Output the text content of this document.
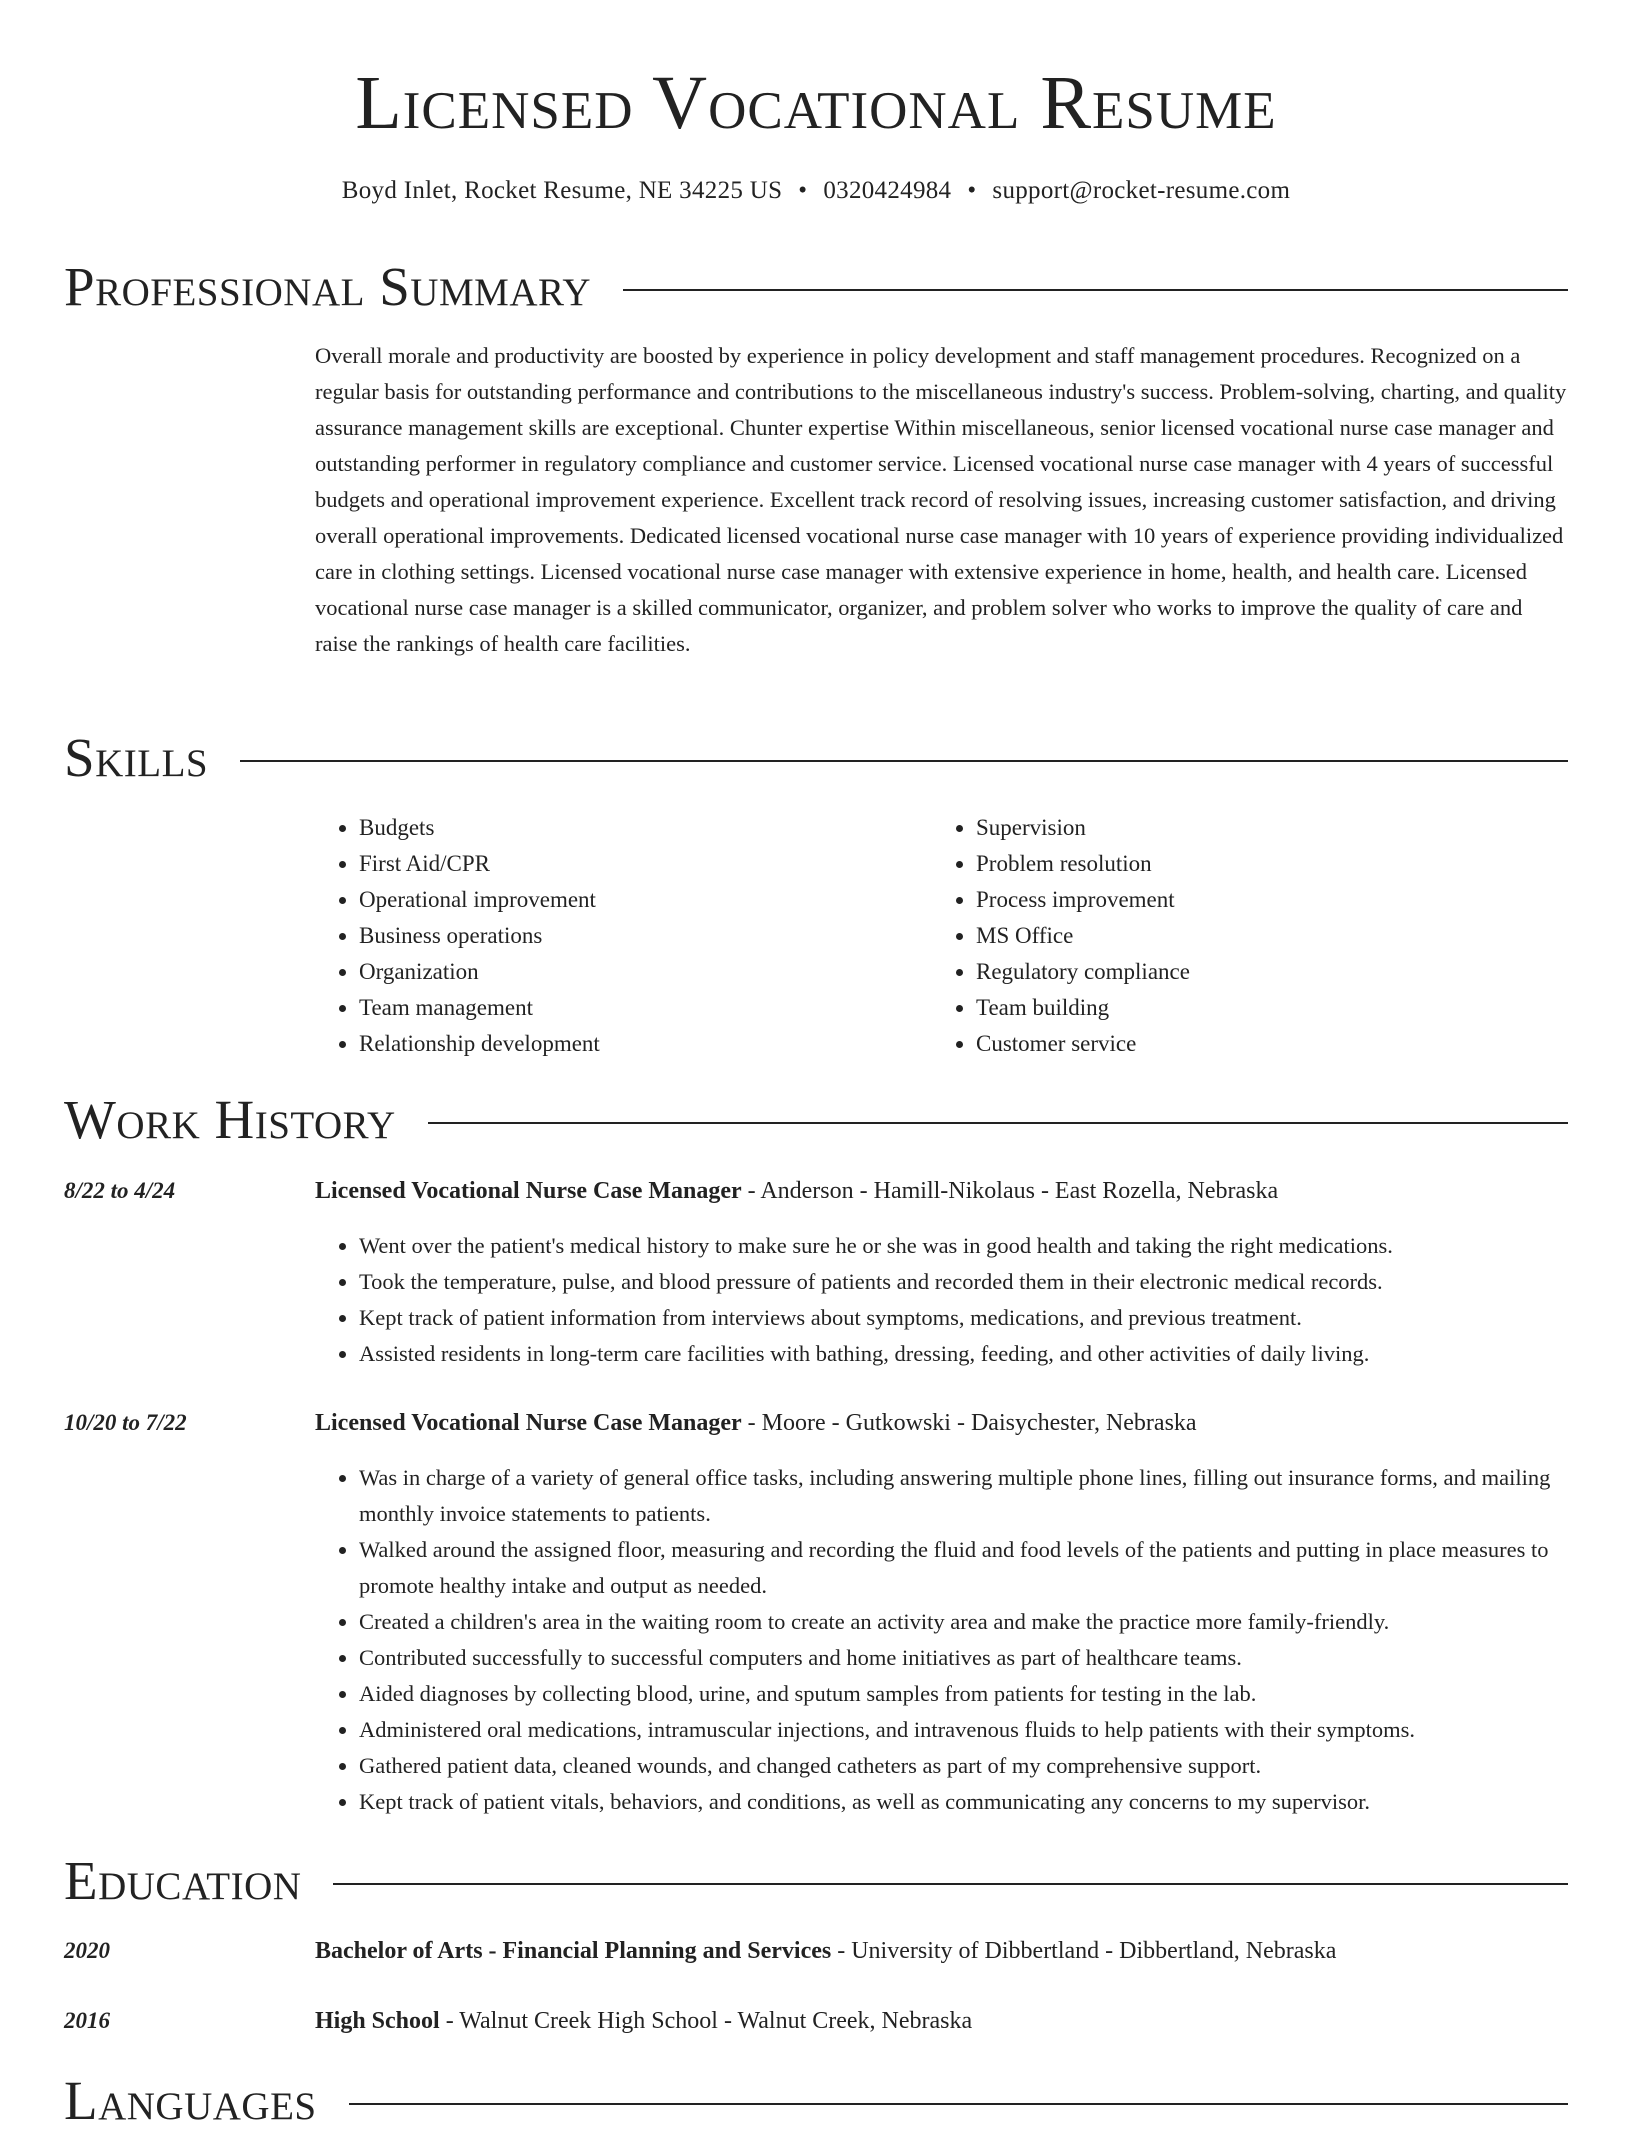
Licensed Vocational Resume
Boyd Inlet, Rocket Resume, NE 34225 US • 0320424984 • support@rocket-resume.com
Professional Summary

Overall morale and productivity are boosted by experience in policy development and staff management procedures. Recognized on a regular basis for outstanding performance and contributions to the miscellaneous industry's success. Problem-solving, charting, and quality assurance management skills are exceptional. Chunter expertise Within miscellaneous, senior licensed vocational nurse case manager and outstanding performer in regulatory compliance and customer service. Licensed vocational nurse case manager with 4 years of successful budgets and operational improvement experience. Excellent track record of resolving issues, increasing customer satisfaction, and driving overall operational improvements. Dedicated licensed vocational nurse case manager with 10 years of experience providing individualized care in clothing settings. Licensed vocational nurse case manager with extensive experience in home, health, and health care. Licensed vocational nurse case manager is a skilled communicator, organizer, and problem solver who works to improve the quality of care and raise the rankings of health care facilities.

Skills
• Budgets
• First Aid/CPR
• Operational improvement
• Business operations
• Organization
• Team management
• Relationship development
• Supervision
• Problem resolution
• Process improvement
• MS Office
• Regulatory compliance
• Team building
• Customer service
Work History
8/22 to 4/24	Licensed Vocational Nurse Case Manager - Anderson - Hamill-Nikolaus - East Rozella, Nebraska
• Went over the patient's medical history to make sure he or she was in good health and taking the right medications.
• Took the temperature, pulse, and blood pressure of patients and recorded them in their electronic medical records.
• Kept track of patient information from interviews about symptoms, medications, and previous treatment.
• Assisted residents in long-term care facilities with bathing, dressing, feeding, and other activities of daily living.
10/20 to 7/22	Licensed Vocational Nurse Case Manager - Moore - Gutkowski - Daisychester, Nebraska
• Was in charge of a variety of general office tasks, including answering multiple phone lines, filling out insurance forms, and mailing monthly invoice statements to patients.
• Walked around the assigned floor, measuring and recording the fluid and food levels of the patients and putting in place measures to promote healthy intake and output as needed.
• Created a children's area in the waiting room to create an activity area and make the practice more family-friendly.
• Contributed successfully to successful computers and home initiatives as part of healthcare teams.
• Aided diagnoses by collecting blood, urine, and sputum samples from patients for testing in the lab.
• Administered oral medications, intramuscular injections, and intravenous fluids to help patients with their symptoms.
• Gathered patient data, cleaned wounds, and changed catheters as part of my comprehensive support.
• Kept track of patient vitals, behaviors, and conditions, as well as communicating any concerns to my supervisor.
Education
2020	Bachelor of Arts - Financial Planning and Services - University of Dibbertland - Dibbertland, Nebraska
2016	High School - Walnut Creek High School - Walnut Creek, Nebraska
Languages
